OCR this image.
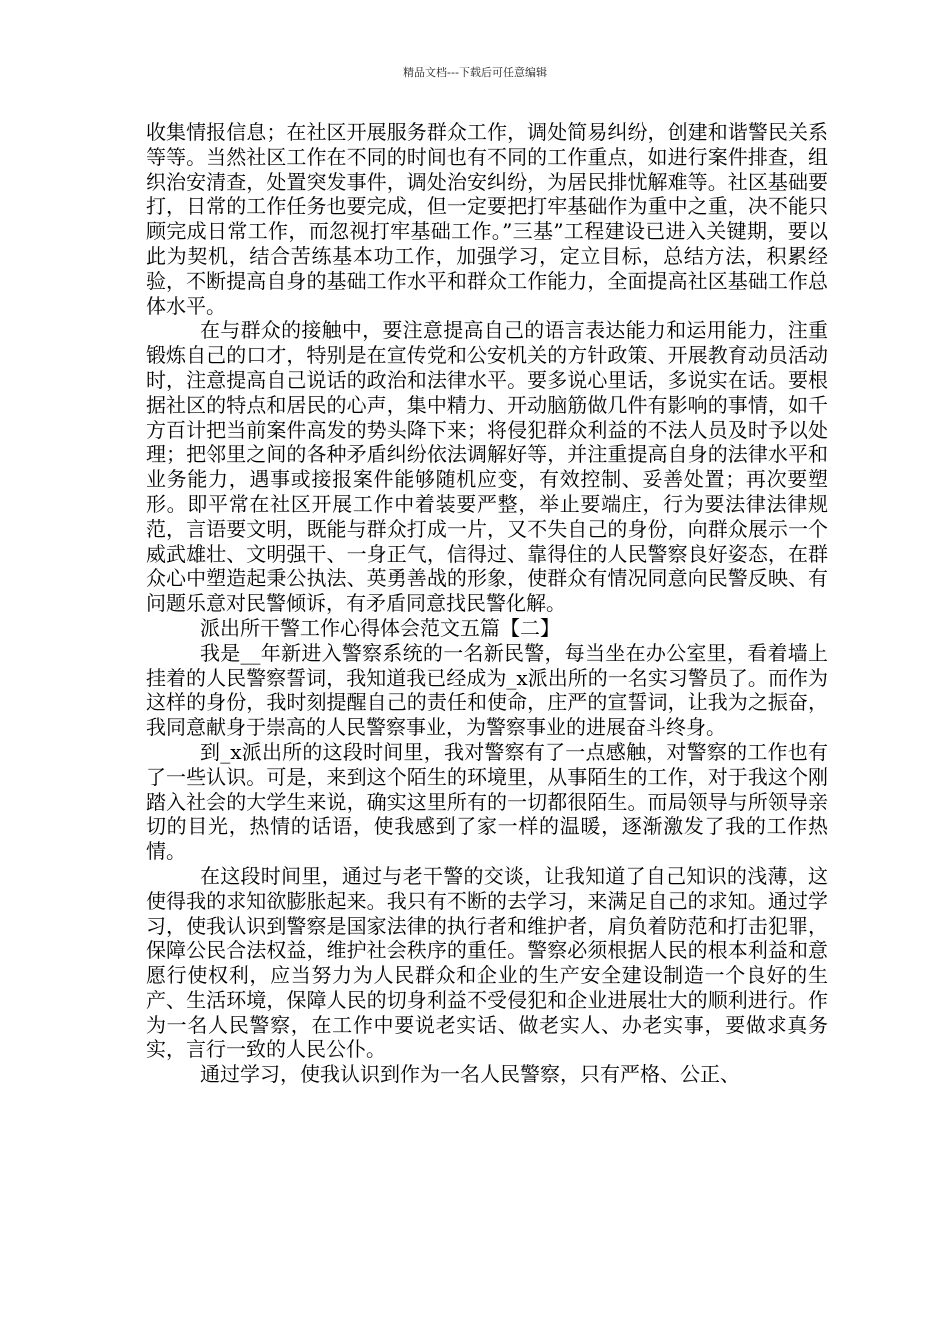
精品文档---下载后可任意编辑

收集情报信息；在社区开展服务群众工作，调处简易纠纷，创建和谐警民关系等等。当然社区工作在不同的时间也有不同的工作重点，如进行案件排查，组织治安清查，处置突发事件，调处治安纠纷，为居民排忧解难等。社区基础要打，日常的工作任务也要完成，但一定要把打牢基础作为重中之重，决不能只顾完成日常工作，而忽视打牢基础工作。”三基”工程建设已进入关键期，要以此为契机，结合苦练基本功工作，加强学习，定立目标，总结方法，积累经验，不断提高自身的基础工作水平和群众工作能力，全面提高社区基础工作总体水平。

在与群众的接触中，要注意提高自己的语言表达能力和运用能力，注重锻炼自己的口才，特别是在宣传党和公安机关的方针政策、开展教育动员活动时，注意提高自己说话的政治和法律水平。要多说心里话，多说实在话。要根据社区的特点和居民的心声，集中精力、开动脑筋做几件有影响的事情，如千方百计把当前案件高发的势头降下来；将侵犯群众利益的不法人员及时予以处理；把邻里之间的各种矛盾纠纷依法调解好等，并注重提高自身的法律水平和业务能力，遇事或接报案件能够随机应变，有效控制、妥善处置；再次要塑形。即平常在社区开展工作中着装要严整，举止要端庄，行为要法律法律规范，言语要文明，既能与群众打成一片，又不失自己的身份，向群众展示一个威武雄壮、文明强干、一身正气，信得过、靠得住的人民警察良好姿态，在群众心中塑造起秉公执法、英勇善战的形象，使群众有情况同意向民警反映、有问题乐意对民警倾诉，有矛盾同意找民警化解。

派出所干警工作心得体会范文五篇【二】

我是__年新进入警察系统的一名新民警，每当坐在办公室里，看着墙上挂着的人民警察誓词，我知道我已经成为_x派出所的一名实习警员了。而作为这样的身份，我时刻提醒自己的责任和使命，庄严的宣誓词，让我为之振奋，我同意献身于崇高的人民警察事业，为警察事业的进展奋斗终身。

到_x派出所的这段时间里，我对警察有了一点感触，对警察的工作也有了一些认识。可是，来到这个陌生的环境里，从事陌生的工作，对于我这个刚踏入社会的大学生来说，确实这里所有的一切都很陌生。而局领导与所领导亲切的目光，热情的话语，使我感到了家一样的温暖，逐渐激发了我的工作热情。

在这段时间里，通过与老干警的交谈，让我知道了自己知识的浅薄，这使得我的求知欲膨胀起来。我只有不断的去学习，来满足自己的求知。通过学习，使我认识到警察是国家法律的执行者和维护者，肩负着防范和打击犯罪，保障公民合法权益，维护社会秩序的重任。警察必须根据人民的根本利益和意愿行使权利，应当努力为人民群众和企业的生产安全建设制造一个良好的生产、生活环境，保障人民的切身利益不受侵犯和企业进展壮大的顺利进行。作为一名人民警察，在工作中要说老实话、做老实人、办老实事，要做求真务实，言行一致的人民公仆。

通过学习，使我认识到作为一名人民警察，只有严格、公正、
